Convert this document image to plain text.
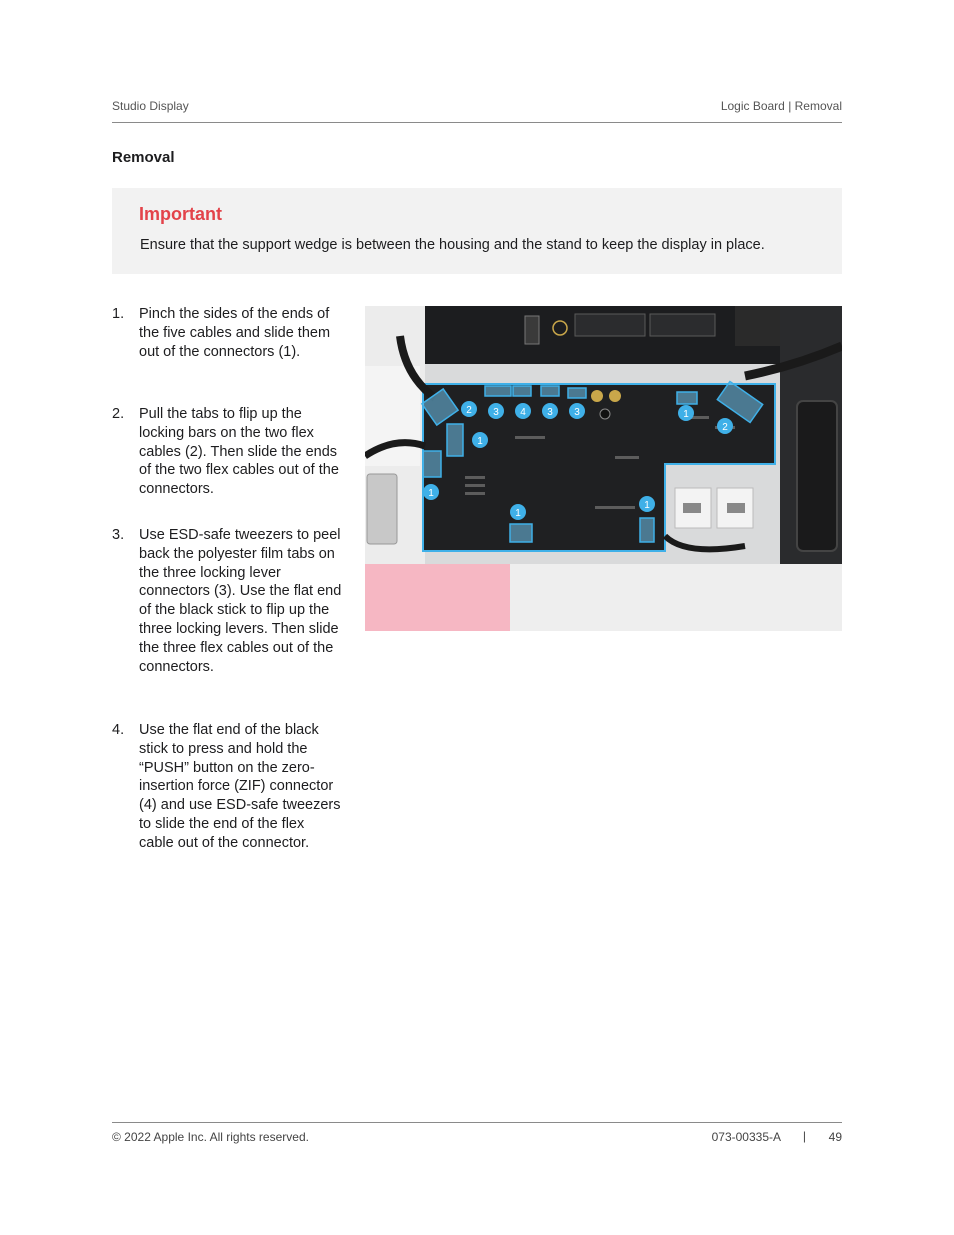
Studio Display	Logic Board | Removal
Removal
Important
Ensure that the support wedge is between the housing and the stand to keep the display in place.
1. Pinch the sides of the ends of the five cables and slide them out of the connectors (1).
2. Pull the tabs to flip up the locking bars on the two flex cables (2). Then slide the ends of the two flex cables out of the connectors.
3. Use ESD-safe tweezers to peel back the polyester film tabs on the three locking lever connectors (3). Use the flat end of the black stick to flip up the three locking levers. Then slide the three flex cables out of the connectors.
4. Use the flat end of the black stick to press and hold the “PUSH” button on the zero-insertion force (ZIF) connector (4) and use ESD-safe tweezers to slide the end of the flex cable out of the connector.
1
1
1
1
1
2
2
3	3 3
4
© 2022 Apple Inc. All rights reserved.	073-00335-A | 49
